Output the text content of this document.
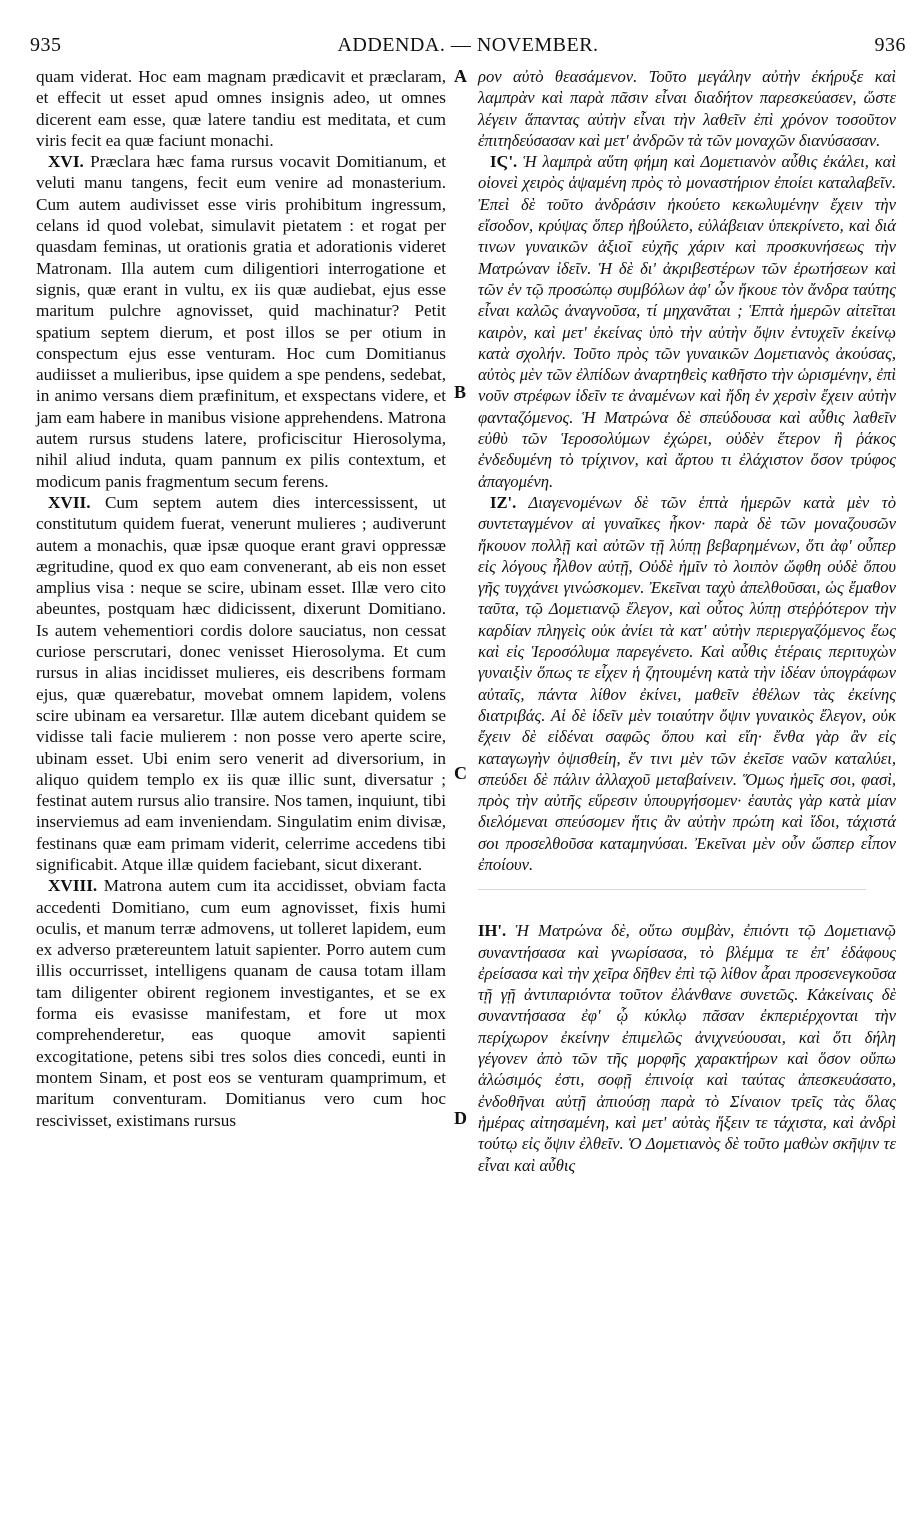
935	ADDENDA. — NOVEMBER.	936

quam viderat. Hoc eam magnam prædicavit et præclaram, et effecit ut esset apud omnes insignis adeo, ut omnes dicerent eam esse, quæ latere tandiu est meditata, et cum viris fecit ea quæ faciunt monachi.

XVI. Præclara hæc fama rursus vocavit Domitianum, et veluti manu tangens, fecit eum venire ad monasterium. Cum autem audivisset esse viris prohibitum ingressum, celans id quod volebat, simulavit pietatem : et rogat per quasdam feminas, ut orationis gratia et adorationis videret Matronam. Illa autem cum diligentiori interrogatione et signis, quæ erant in vultu, ex iis quæ audiebat, ejus esse maritum pulchre agnovisset, quid machinatur? Petit spatium septem dierum, et post illos se per otium in conspectum ejus esse venturam. Hoc cum Domitianus audiisset a mulieribus, ipse quidem a spe pendens, sedebat, in animo versans diem præfinitum, et exspectans videre, et jam eam habere in manibus visione apprehendens. Matrona autem rursus studens latere, proficiscitur Hierosolyma, nihil aliud induta, quam pannum ex pilis contextum, et modicum panis fragmentum secum ferens.

XVII. Cum septem autem dies intercessissent, ut constitutum quidem fuerat, venerunt mulieres ; audiverunt autem a monachis, quæ ipsæ quoque erant gravi oppressæ ægritudine, quod ex quo eam convenerant, ab eis non esset amplius visa : neque se scire, ubinam esset. Illæ vero cito abeuntes, postquam hæc didicissent, dixerunt Domitiano. Is autem vehementiori cordis dolore sauciatus, non cessat curiose perscrutari, donec venisset Hierosolyma. Et cum rursus in alias incidisset mulieres, eis describens formam ejus, quæ quærebatur, movebat omnem lapidem, volens scire ubinam ea versaretur. Illæ autem dicebant quidem se vidisse tali facie mulierem : non posse vero aperte scire, ubinam esset. Ubi enim sero venerit ad diversorium, in aliquo quidem templo ex iis quæ illic sunt, diversatur ; festinat autem rursus alio transire. Nos tamen, inquiunt, tibi inserviemus ad eam inveniendam. Singulatim enim divisæ, festinans quæ eam primam viderit, celerrime accedens tibi significabit. Atque illæ quidem faciebant, sicut dixerant.

XVIII. Matrona autem cum ita accidisset, obviam facta accedenti Domitiano, cum eum agnovisset, fixis humi oculis, et manum terræ admovens, ut tolleret lapidem, eum ex adverso prætereuntem latuit sapienter. Porro autem cum illis occurrisset, intelligens quanam de causa totam illam tam diligenter obirent regionem investigantes, et se ex forma eis evasisse manifestam, et fore ut mox comprehenderetur, eas quoque amovit sapienti excogitatione, petens sibi tres solos dies concedi, eunti in montem Sinam, et post eos se venturam quamprimum, et maritum conventuram. Domitianus vero cum hoc rescivisset, existimans rursus

A
B
C
D

ρον αὐτὸ θεασάμενον. Τοῦτο μεγάλην αὐτὴν ἐκήρυξε καὶ λαμπρὰν καὶ παρὰ πᾶσιν εἶναι διαδήτον παρεσκεύασεν, ὥστε λέγειν ἅπαντας αὐτὴν εἶναι τὴν λαθεῖν ἐπὶ χρόνον τοσοῦτον ἐπιτηδεύσασαν καὶ μετ' ἀνδρῶν τὰ τῶν μοναχῶν διανύσασαν.

ΙϚ'. Ἡ λαμπρὰ αὕτη φήμη καὶ Δομετιανὸν αὖθις ἐκάλει, καὶ οἱονεὶ χειρὸς ἁψαμένη πρὸς τὸ μοναστήριον ἐποίει καταλαβεῖν. Ἐπεὶ δὲ τοῦτο ἀνδράσιν ἠκούετο κεκωλυμένην ἔχειν τὴν εἴσοδον, κρύψας ὅπερ ἠβούλετο, εὐλάβειαν ὑπεκρίνετο, καὶ διά τινων γυναικῶν ἀξιοῖ εὐχῆς χάριν καὶ προσκυνήσεως τὴν Ματρώναν ἰδεῖν. Ἡ δὲ δι' ἀκριβεστέρων τῶν ἐρωτήσεων καὶ τῶν ἐν τῷ προσώπῳ συμβόλων ἀφ' ὧν ἤκουε τὸν ἄνδρα ταύτης εἶναι καλῶς ἀναγνοῦσα, τί μηχανᾶται ; Ἑπτὰ ἡμερῶν αἰτεῖται καιρὸν, καὶ μετ' ἐκείνας ὑπὸ τὴν αὐτὴν ὄψιν ἐντυχεῖν ἐκείνῳ κατὰ σχολήν. Τοῦτο πρὸς τῶν γυναικῶν Δομετιανὸς ἀκούσας, αὐτὸς μὲν τῶν ἐλπίδων ἀναρτηθεὶς καθῆστο τὴν ὡρισμένην, ἐπὶ νοῦν στρέφων ἰδεῖν τε ἀναμένων καὶ ἤδη ἐν χερσὶν ἔχειν αὐτὴν φανταζόμενος. Ἡ Ματρώνα δὲ σπεύδουσα καὶ αὖθις λαθεῖν εὐθὺ τῶν Ἱεροσολύμων ἐχώρει, οὐδὲν ἕτερον ἢ ῥάκος ἐνδεδυμένη τὸ τρίχινον, καὶ ἄρτου τι ἐλάχιστον ὅσον τρύφος ἀπαγομένη.

ΙΖ'. Διαγενομένων δὲ τῶν ἑπτὰ ἡμερῶν κατὰ μὲν τὸ συντεταγμένον αἱ γυναῖκες ἧκον· παρὰ δὲ τῶν μοναζουσῶν ἤκουον πολλῇ καὶ αὐτῶν τῇ λύπῃ βεβαρημένων, ὅτι ἀφ' οὗπερ εἰς λόγους ἦλθον αὐτῇ, Οὐδὲ ἡμῖν τὸ λοιπὸν ὤφθη οὐδὲ ὅπου γῆς τυγχάνει γινώσκομεν. Ἐκεῖναι ταχὺ ἀπελθοῦσαι, ὡς ἔμαθον ταῦτα, τῷ Δομετιανῷ ἔλεγον, καὶ οὗτος λύπῃ στεῤῥότερον τὴν καρδίαν πληγεὶς οὐκ ἀνίει τὰ κατ' αὐτὴν περιεργαζόμενος ἕως καὶ εἰς Ἱεροσόλυμα παρεγένετο. Καὶ αὖθις ἑτέραις περιτυχὼν γυναιξὶν ὅπως τε εἶχεν ἡ ζητουμένη κατὰ τὴν ἰδέαν ὑπογράφων αὐταῖς, πάντα λίθον ἐκίνει, μαθεῖν ἐθέλων τὰς ἐκείνης διατριβάς. Αἱ δὲ ἰδεῖν μὲν τοιαύτην ὄψιν γυναικὸς ἔλεγον, οὐκ ἔχειν δὲ εἰδέναι σαφῶς ὅπου καὶ εἴη· ἔνθα γὰρ ἂν εἰς καταγωγὴν ὀψισθείη, ἔν τινι μὲν τῶν ἐκεῖσε ναῶν καταλύει, σπεύδει δὲ πάλιν ἀλλαχοῦ μεταβαίνειν. Ὅμως ἡμεῖς σοι, φασὶ, πρὸς τὴν αὐτῆς εὕρεσιν ὑπουργήσομεν· ἑαυτὰς γὰρ κατὰ μίαν διελόμεναι σπεύσομεν ἥτις ἂν αὐτὴν πρώτη καὶ ἴδοι, τάχιστά σοι προσελθοῦσα καταμηνύσαι. Ἐκεῖναι μὲν οὖν ὥσπερ εἶπον ἐποίουν.

ΙΗ'. Ἡ Ματρώνα δὲ, οὕτω συμβὰν, ἐπιόντι τῷ Δομετιανῷ συναντήσασα καὶ γνωρίσασα, τὸ βλέμμα τε ἐπ' ἐδάφους ἐρείσασα καὶ τὴν χεῖρα δῆθεν ἐπὶ τῷ λίθον ἆραι προσενεγκοῦσα τῇ γῇ ἀντιπαριόντα τοῦτον ἐλάνθανε συνετῶς. Κἀκείναις δὲ συναντήσασα ἐφ' ᾧ κύκλῳ πᾶσαν ἐκπεριέρχονται τὴν περίχωρον ἐκείνην ἐπιμελῶς ἀνιχνεύουσαι, καὶ ὅτι δήλη γέγονεν ἀπὸ τῶν τῆς μορφῆς χαρακτήρων καὶ ὅσον οὔπω ἁλώσιμός ἐστι, σοφῇ ἐπινοίᾳ καὶ ταύτας ἀπεσκευάσατο, ἐνδοθῆναι αὐτῇ ἀπιούσῃ παρὰ τὸ Σίναιον τρεῖς τὰς ὅλας ἡμέρας αἰτησαμένη, καὶ μετ' αὐτὰς ἥξειν τε τάχιστα, καὶ ἀνδρὶ τούτῳ εἰς ὄψιν ἐλθεῖν. Ὁ Δομετιανὸς δὲ τοῦτο μαθὼν σκῆψιν τε εἶναι καὶ αὖθις
